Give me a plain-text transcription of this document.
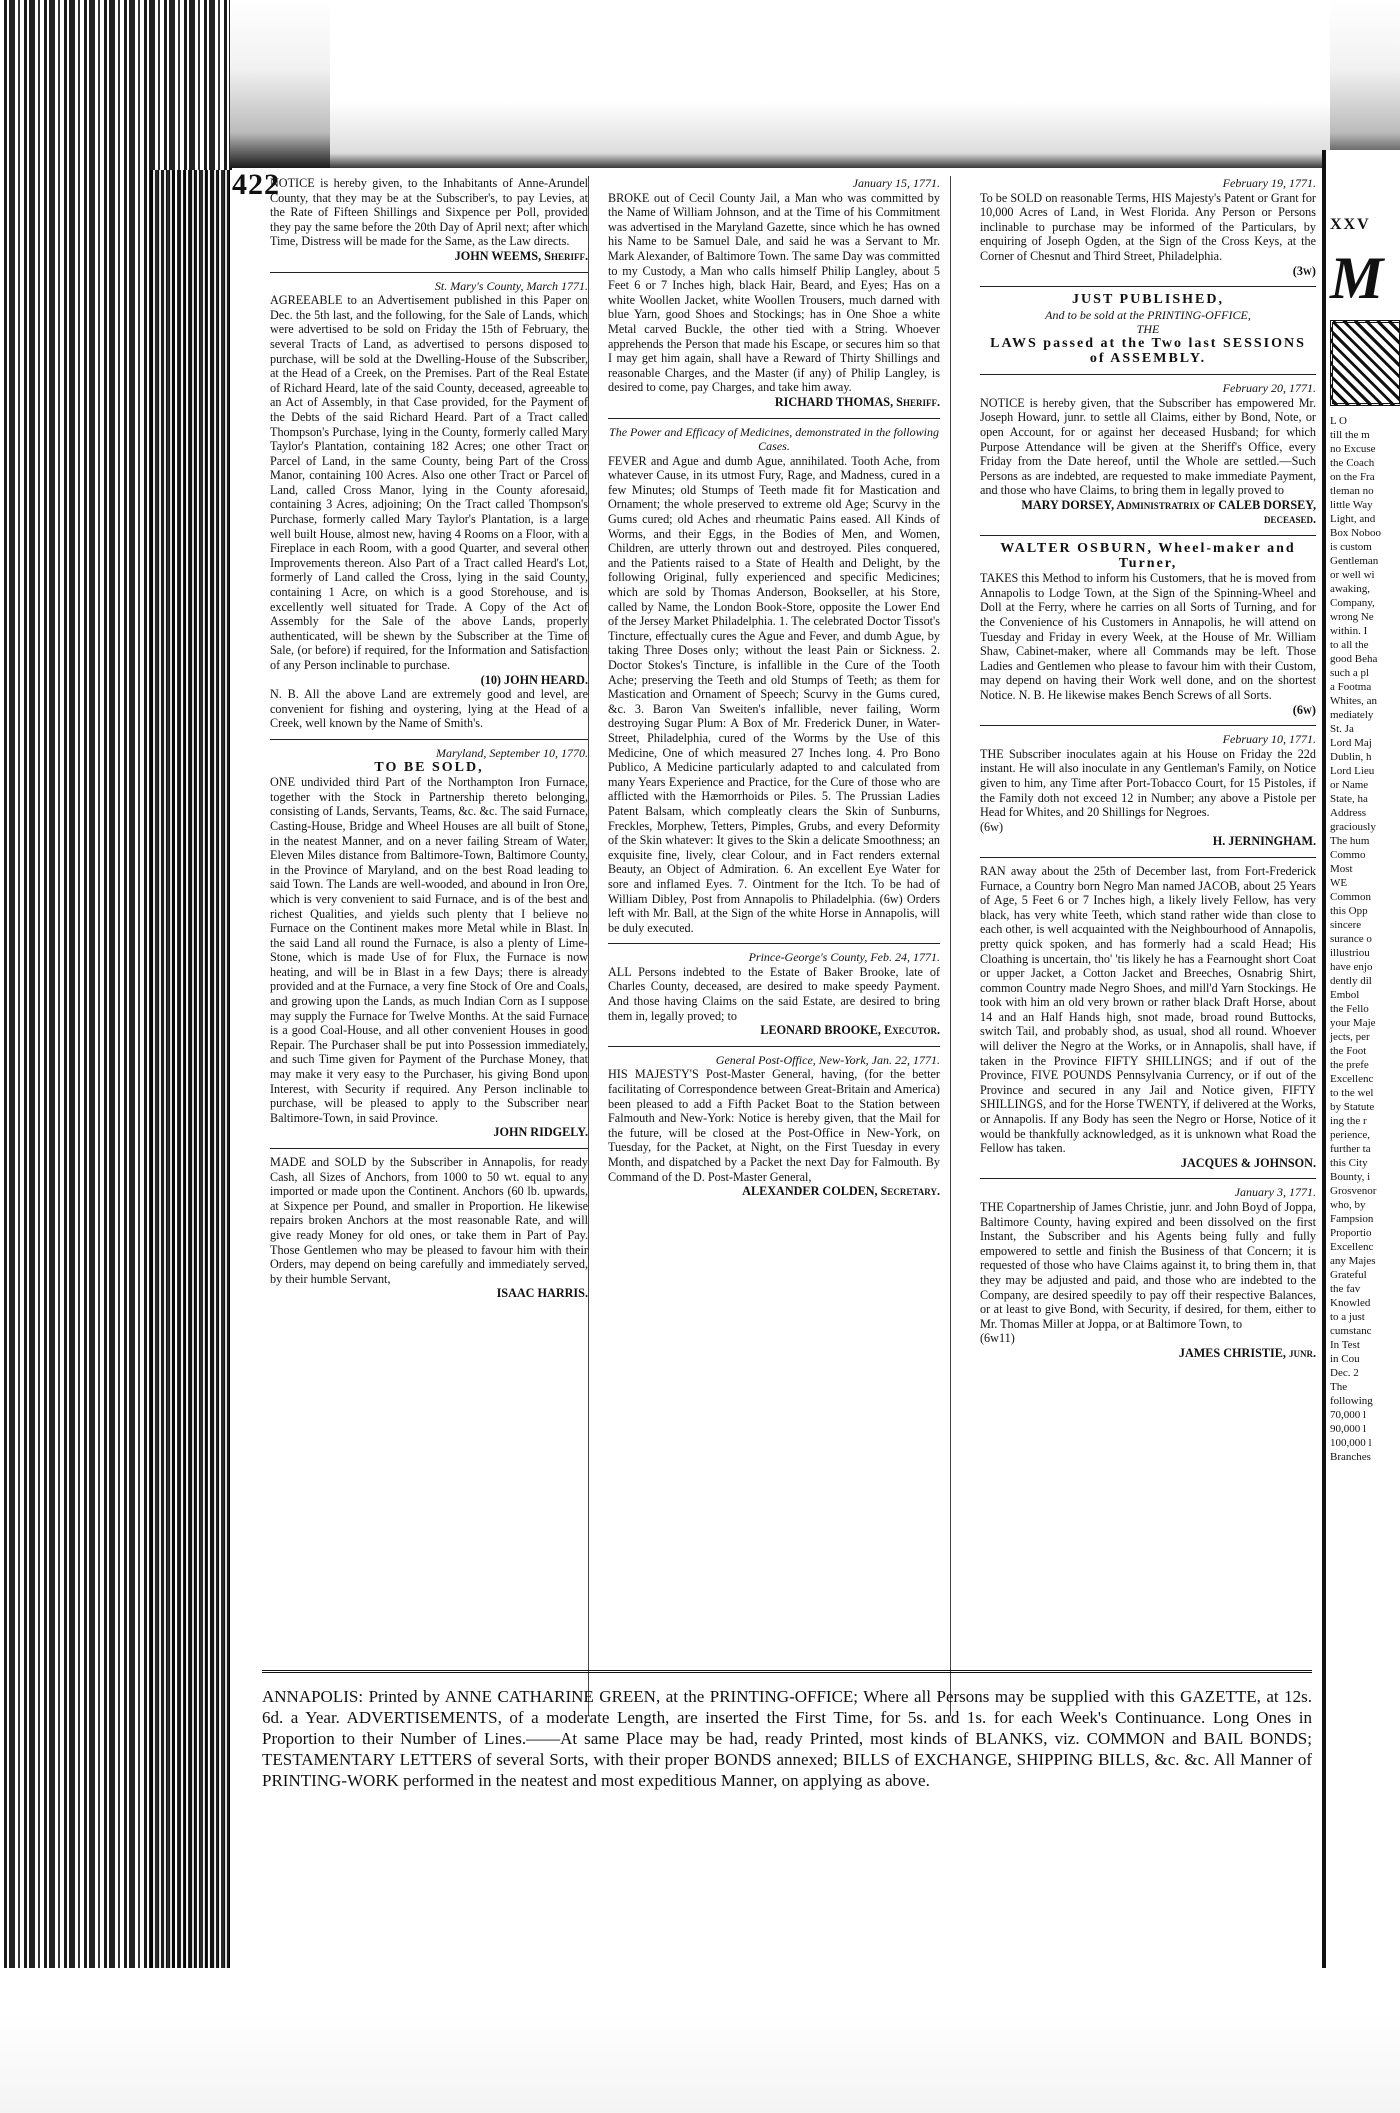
422

NOTICE is hereby given, to the Inhabitants of Anne-Arundel County, that they may be at the Subscriber's, to pay Levies, at the Rate of Fifteen Shillings and Sixpence per Poll, provided they pay the same before the 20th Day of April next; after which Time, Distress will be made for the Same, as the Law directs.

JOHN WEEMS, Sheriff.

St. Mary's County, March 1771.

AGREEABLE to an Advertisement published in this Paper on Dec. the 5th last, and the following, for the Sale of Lands, which were advertised to be sold on Friday the 15th of February, the several Tracts of Land, as advertised to persons disposed to purchase, will be sold at the Dwelling-House of the Subscriber, at the Head of a Creek, on the Premises. Part of the Real Estate of Richard Heard, late of the said County, deceased, agreeable to an Act of Assembly, in that Case provided, for the Payment of the Debts of the said Richard Heard. Part of a Tract called Thompson's Purchase, lying in the County, formerly called Mary Taylor's Plantation, containing 182 Acres; one other Tract or Parcel of Land, in the same County, being Part of the Cross Manor, containing 100 Acres. Also one other Tract or Parcel of Land, called Cross Manor, lying in the County aforesaid, containing 3 Acres, adjoining; On the Tract called Thompson's Purchase, formerly called Mary Taylor's Plantation, is a large well built House, almost new, having 4 Rooms on a Floor, with a Fireplace in each Room, with a good Quarter, and several other Improvements thereon. Also Part of a Tract called Heard's Lot, formerly of Land called the Cross, lying in the said County, containing 1 Acre, on which is a good Storehouse, and is excellently well situated for Trade. A Copy of the Act of Assembly for the Sale of the above Lands, properly authenticated, will be shewn by the Subscriber at the Time of Sale, (or before) if required, for the Information and Satisfaction of any Person inclinable to purchase.

(10) JOHN HEARD.

N. B. All the above Land are extremely good and level, are convenient for fishing and oystering, lying at the Head of a Creek, well known by the Name of Smith's.

Maryland, September 10, 1770.

TO BE SOLD,

ONE undivided third Part of the Northampton Iron Furnace, together with the Stock in Partnership thereto belonging, consisting of Lands, Servants, Teams, &c. &c. The said Furnace, Casting-House, Bridge and Wheel Houses are all built of Stone, in the neatest Manner, and on a never failing Stream of Water, Eleven Miles distance from Baltimore-Town, Baltimore County, in the Province of Maryland, and on the best Road leading to said Town. The Lands are well-wooded, and abound in Iron Ore, which is very convenient to said Furnace, and is of the best and richest Qualities, and yields such plenty that I believe no Furnace on the Continent makes more Metal while in Blast. In the said Land all round the Furnace, is also a plenty of Lime-Stone, which is made Use of for Flux, the Furnace is now heating, and will be in Blast in a few Days; there is already provided and at the Furnace, a very fine Stock of Ore and Coals, and growing upon the Lands, as much Indian Corn as I suppose may supply the Furnace for Twelve Months. At the said Furnace is a good Coal-House, and all other convenient Houses in good Repair. The Purchaser shall be put into Possession immediately, and such Time given for Payment of the Purchase Money, that may make it very easy to the Purchaser, his giving Bond upon Interest, with Security if required. Any Person inclinable to purchase, will be pleased to apply to the Subscriber near Baltimore-Town, in said Province.

JOHN RIDGELY.

MADE and SOLD by the Subscriber in Annapolis, for ready Cash, all Sizes of Anchors, from 1000 to 50 wt. equal to any imported or made upon the Continent. Anchors (60 lb. upwards, at Sixpence per Pound, and smaller in Proportion. He likewise repairs broken Anchors at the most reasonable Rate, and will give ready Money for old ones, or take them in Part of Pay. Those Gentlemen who may be pleased to favour him with their Orders, may depend on being carefully and immediately served, by their humble Servant,

ISAAC HARRIS.

January 15, 1771.

BROKE out of Cecil County Jail, a Man who was committed by the Name of William Johnson, and at the Time of his Commitment was advertised in the Maryland Gazette, since which he has owned his Name to be Samuel Dale, and said he was a Servant to Mr. Mark Alexander, of Baltimore Town. The same Day was committed to my Custody, a Man who calls himself Philip Langley, about 5 Feet 6 or 7 Inches high, black Hair, Beard, and Eyes; Has on a white Woollen Jacket, white Woollen Trousers, much darned with blue Yarn, good Shoes and Stockings; has in One Shoe a white Metal carved Buckle, the other tied with a String. Whoever apprehends the Person that made his Escape, or secures him so that I may get him again, shall have a Reward of Thirty Shillings and reasonable Charges, and the Master (if any) of Philip Langley, is desired to come, pay Charges, and take him away.

RICHARD THOMAS, Sheriff.

The Power and Efficacy of Medicines, demonstrated in the following Cases.

FEVER and Ague and dumb Ague, annihilated. Tooth Ache, from whatever Cause, in its utmost Fury, Rage, and Madness, cured in a few Minutes; old Stumps of Teeth made fit for Mastication and Ornament; the whole preserved to extreme old Age; Scurvy in the Gums cured; old Aches and rheumatic Pains eased. All Kinds of Worms, and their Eggs, in the Bodies of Men, and Women, Children, are utterly thrown out and destroyed. Piles conquered, and the Patients raised to a State of Health and Delight, by the following Original, fully experienced and specific Medicines; which are sold by Thomas Anderson, Bookseller, at his Store, called by Name, the London Book-Store, opposite the Lower End of the Jersey Market Philadelphia. 1. The celebrated Doctor Tissot's Tincture, effectually cures the Ague and Fever, and dumb Ague, by taking Three Doses only; without the least Pain or Sickness. 2. Doctor Stokes's Tincture, is infallible in the Cure of the Tooth Ache; preserving the Teeth and old Stumps of Teeth; as them for Mastication and Ornament of Speech; Scurvy in the Gums cured, &c. 3. Baron Van Sweiten's infallible, never failing, Worm destroying Sugar Plum: A Box of Mr. Frederick Duner, in Water-Street, Philadelphia, cured of the Worms by the Use of this Medicine, One of which measured 27 Inches long. 4. Pro Bono Publico, A Medicine particularly adapted to and calculated from many Years Experience and Practice, for the Cure of those who are afflicted with the Hæmorrhoids or Piles. 5. The Prussian Ladies Patent Balsam, which compleatly clears the Skin of Sunburns, Freckles, Morphew, Tetters, Pimples, Grubs, and every Deformity of the Skin whatever: It gives to the Skin a delicate Smoothness; an exquisite fine, lively, clear Colour, and in Fact renders external Beauty, an Object of Admiration. 6. An excellent Eye Water for sore and inflamed Eyes. 7. Ointment for the Itch. To be had of William Dibley, Post from Annapolis to Philadelphia. (6w) Orders left with Mr. Ball, at the Sign of the white Horse in Annapolis, will be duly executed.

Prince-George's County, Feb. 24, 1771.

ALL Persons indebted to the Estate of Baker Brooke, late of Charles County, deceased, are desired to make speedy Payment. And those having Claims on the said Estate, are desired to bring them in, legally proved; to

LEONARD BROOKE, Executor.

General Post-Office, New-York, Jan. 22, 1771.

HIS MAJESTY'S Post-Master General, having, (for the better facilitating of Correspondence between Great-Britain and America) been pleased to add a Fifth Packet Boat to the Station between Falmouth and New-York: Notice is hereby given, that the Mail for the future, will be closed at the Post-Office in New-York, on Tuesday, for the Packet, at Night, on the First Tuesday in every Month, and dispatched by a Packet the next Day for Falmouth. By Command of the D. Post-Master General,

ALEXANDER COLDEN, Secretary.

February 19, 1771.

To be SOLD on reasonable Terms, HIS Majesty's Patent or Grant for 10,000 Acres of Land, in West Florida. Any Person or Persons inclinable to purchase may be informed of the Particulars, by enquiring of Joseph Ogden, at the Sign of the Cross Keys, at the Corner of Chesnut and Third Street, Philadelphia.

(3w)

JUST PUBLISHED,

And to be sold at the PRINTING-OFFICE,

THE

LAWS passed at the Two last SESSIONS of ASSEMBLY.

February 20, 1771.

NOTICE is hereby given, that the Subscriber has empowered Mr. Joseph Howard, junr. to settle all Claims, either by Bond, Note, or open Account, for or against her deceased Husband; for which Purpose Attendance will be given at the Sheriff's Office, every Friday from the Date hereof, until the Whole are settled.—Such Persons as are indebted, are requested to make immediate Payment, and those who have Claims, to bring them in legally proved to

MARY DORSEY, Administratrix of CALEB DORSEY, deceased.

WALTER OSBURN, Wheel-maker and Turner,

TAKES this Method to inform his Customers, that he is moved from Annapolis to Lodge Town, at the Sign of the Spinning-Wheel and Doll at the Ferry, where he carries on all Sorts of Turning, and for the Convenience of his Customers in Annapolis, he will attend on Tuesday and Friday in every Week, at the House of Mr. William Shaw, Cabinet-maker, where all Commands may be left. Those Ladies and Gentlemen who please to favour him with their Custom, may depend on having their Work well done, and on the shortest Notice. N. B. He likewise makes Bench Screws of all Sorts.

(6w)

February 10, 1771.

THE Subscriber inoculates again at his House on Friday the 22d instant. He will also inoculate in any Gentleman's Family, on Notice given to him, any Time after Port-Tobacco Court, for 15 Pistoles, if the Family doth not exceed 12 in Number; any above a Pistole per Head for Whites, and 20 Shillings for Negroes.

(6w)

H. JERNINGHAM.

RAN away about the 25th of December last, from Fort-Frederick Furnace, a Country born Negro Man named JACOB, about 25 Years of Age, 5 Feet 6 or 7 Inches high, a likely lively Fellow, has very black, has very white Teeth, which stand rather wide than close to each other, is well acquainted with the Neighbourhood of Annapolis, pretty quick spoken, and has formerly had a scald Head; His Cloathing is uncertain, tho' 'tis likely he has a Fearnought short Coat or upper Jacket, a Cotton Jacket and Breeches, Osnabrig Shirt, common Country made Negro Shoes, and mill'd Yarn Stockings. He took with him an old very brown or rather black Draft Horse, about 14 and an Half Hands high, snot made, broad round Buttocks, switch Tail, and probably shod, as usual, shod all round. Whoever will deliver the Negro at the Works, or in Annapolis, shall have, if taken in the Province FIFTY SHILLINGS; and if out of the Province, FIVE POUNDS Pennsylvania Currency, or if out of the Province and secured in any Jail and Notice given, FIFTY SHILLINGS, and for the Horse TWENTY, if delivered at the Works, or Annapolis. If any Body has seen the Negro or Horse, Notice of it would be thankfully acknowledged, as it is unknown what Road the Fellow has taken.

JACQUES & JOHNSON.

January 3, 1771.

THE Copartnership of James Christie, junr. and John Boyd of Joppa, Baltimore County, having expired and been dissolved on the first Instant, the Subscriber and his Agents being fully and fully empowered to settle and finish the Business of that Concern; it is requested of those who have Claims against it, to bring them in, that they may be adjusted and paid, and those who are indebted to the Company, are desired speedily to pay off their respective Balances, or at least to give Bond, with Security, if desired, for them, either to Mr. Thomas Miller at Joppa, or at Baltimore Town, to

(6w11)

JAMES CHRISTIE, junr.

ANNAPOLIS: Printed by ANNE CATHARINE GREEN, at the PRINTING-OFFICE; Where all Persons may be supplied with this GAZETTE, at 12s. 6d. a Year. ADVERTISEMENTS, of a moderate Length, are inserted the First Time, for 5s. and 1s. for each Week's Continuance. Long Ones in Proportion to their Number of Lines.——At same Place may be had, ready Printed, most kinds of BLANKS, viz. COMMON and BAIL BONDS; TESTAMENTARY LETTERS of several Sorts, with their proper BONDS annexed; BILLS of EXCHANGE, SHIPPING BILLS, &c. &c. All Manner of PRINTING-WORK performed in the neatest and most expeditious Manner, on applying as above.

XXV
M
L O
till the m
no Excuse
the Coach
on the Fra
tleman no
little Way
Light, and
Box Noboo
is custom
Gentleman
or well wi
awaking,
Company,
wrong Ne
within. I
to all the
good Beha
such a pl
a Footma
Whites, an
mediately
St. Ja
Lord Maj
Dublin, h
Lord Lieu
or Name
State, ha
Address
graciously
The hum
Commo
Most
WE
Common
this Opp
sincere
surance o
illustriou
have enjo
dently dil
Embol
the Fello
your Maje
jects, per
the Foot
the prefe
Excellenc
to the wel
by Statute
ing the r
perience,
further ta
this City
Bounty, i
Grosvenor
who, by
Fampsion
Proportio
Excellenc
any Majes
Grateful
the fav
Knowled
to a just
cumstanc
In Test
in Cou
Dec. 2
The
following
70,000 l
90,000 l
100,000 l
Branches
